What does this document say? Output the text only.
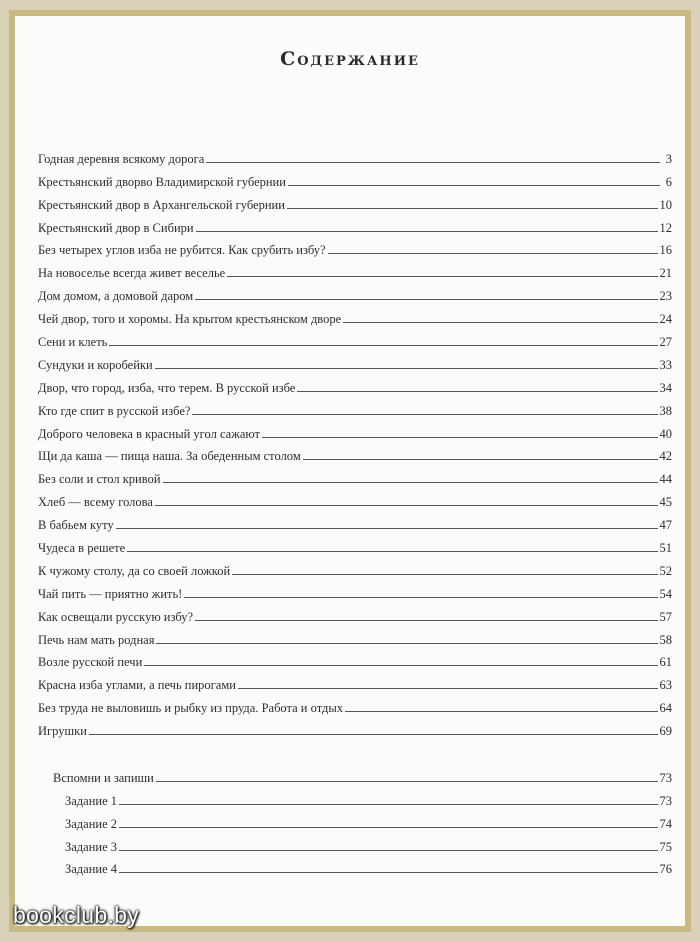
Содержание
Годная деревня всякому дорога	3
Крестьянский дворво Владимирской губернии	6
Крестьянский двор в Архангельской губернии	10
Крестьянский двор в Сибири	12
Без четырех углов изба не рубится. Как срубить избу?	16
На новоселье всегда живет веселье	21
Дом домом, а домовой даром	23
Чей двор, того и хоромы. На крытом крестьянском дворе	24
Сени и клеть	27
Сундуки и коробейки	33
Двор, что город, изба, что терем. В русской избе	34
Кто где спит в русской избе?	38
Доброго человека в красный угол сажают	40
Щи да каша — пища наша. За обеденным столом	42
Без соли и стол кривой	44
Хлеб — всему голова	45
В бабьем куту	47
Чудеса в решете	51
К чужому столу, да со своей ложкой	52
Чай пить — приятно жить!	54
Как освещали русскую избу?	57
Печь нам мать родная	58
Возле русской печи	61
Красна изба углами, а печь пирогами	63
Без труда не выловишь и рыбку из пруда. Работа и отдых	64
Игрушки	69
Вспомни и запиши	73
Задание 1	73
Задание 2	74
Задание 3	75
Задание 4	76
bookclub.by
